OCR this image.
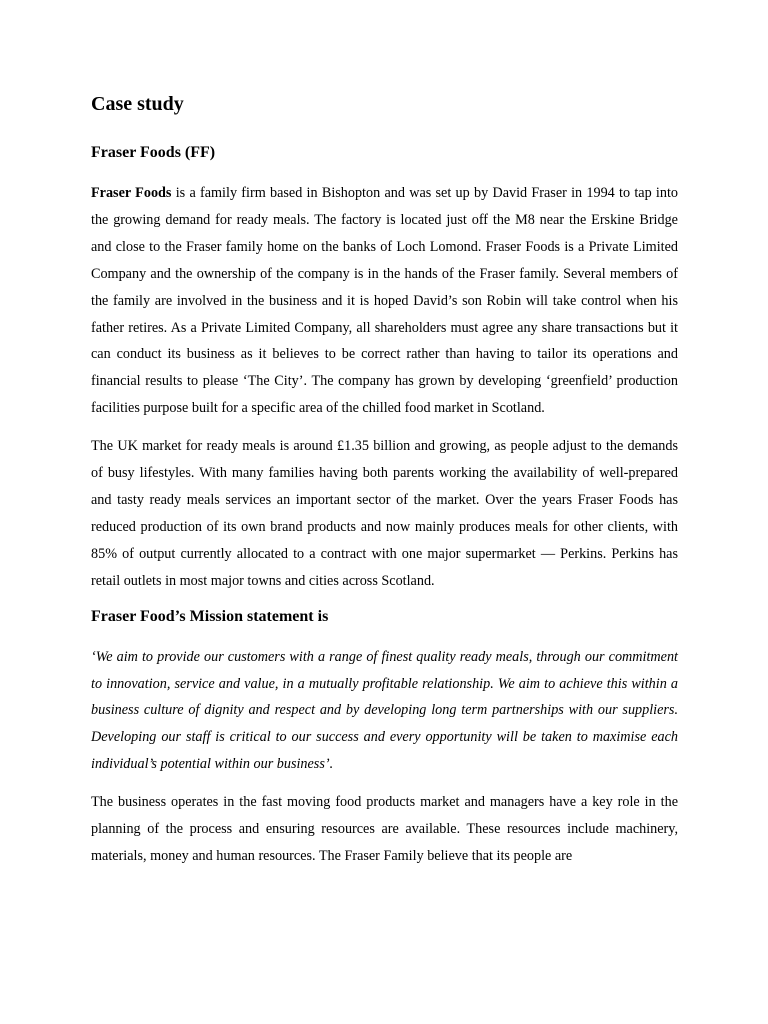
Case study
Fraser Foods (FF)

Fraser Foods is a family firm based in Bishopton and was set up by David Fraser in 1994 to tap into the growing demand for ready meals. The factory is located just off the M8 near the Erskine Bridge and close to the Fraser family home on the banks of Loch Lomond. Fraser Foods is a Private Limited Company and the ownership of the company is in the hands of the Fraser family. Several members of the family are involved in the business and it is hoped David’s son Robin will take control when his father retires. As a Private Limited Company, all shareholders must agree any share transactions but it can conduct its business as it believes to be correct rather than having to tailor its operations and financial results to please ‘The City’. The company has grown by developing ‘greenfield’ production facilities purpose built for a specific area of the chilled food market in Scotland.

The UK market for ready meals is around £1.35 billion and growing, as people adjust to the demands of busy lifestyles. With many families having both parents working the availability of well-prepared and tasty ready meals services an important sector of the market. Over the years Fraser Foods has reduced production of its own brand products and now mainly produces meals for other clients, with 85% of output currently allocated to a contract with one major supermarket — Perkins. Perkins has retail outlets in most major towns and cities across Scotland.

Fraser Food’s Mission statement is

‘We aim to provide our customers with a range of finest quality ready meals, through our commitment to innovation, service and value, in a mutually profitable relationship. We aim to achieve this within a business culture of dignity and respect and by developing long term partnerships with our suppliers. Developing our staff is critical to our success and every opportunity will be taken to maximise each individual’s potential within our business’.

The business operates in the fast moving food products market and managers have a key role in the planning of the process and ensuring resources are available. These resources include machinery, materials, money and human resources. The Fraser Family believe that its people are
